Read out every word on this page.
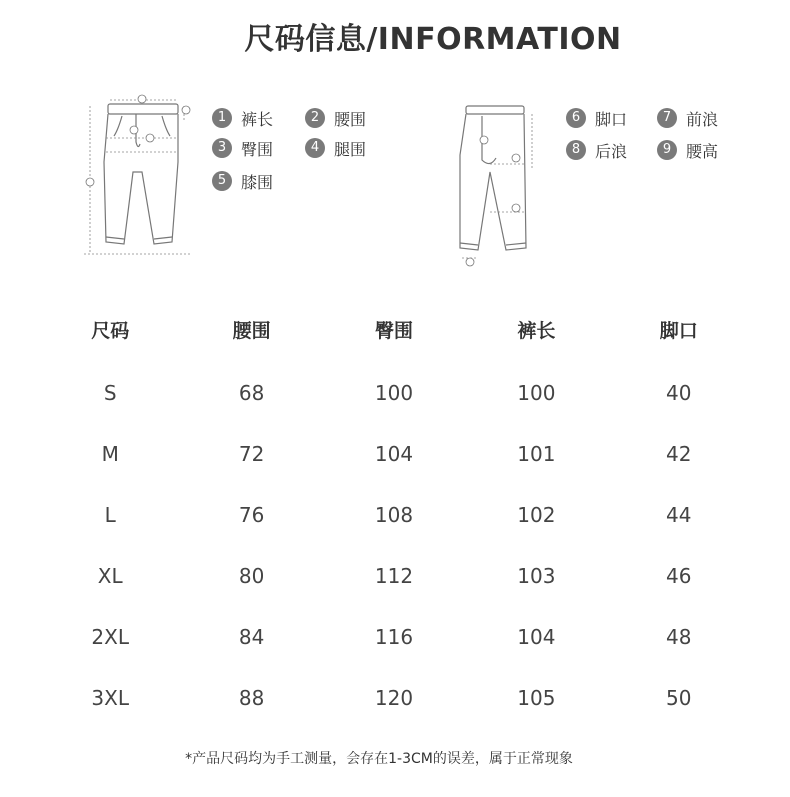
尺码信息/INFORMATION
1 裤长	2 腰围
3 臀围	4 腿围
5 膝围
6 脚口	7 前浪
8 后浪	9 腰高
尺码	腰围	臀围	裤长	脚口
S	68	100	100	40
M	72	104	101	42
L	76	108	102	44
XL	80	112	103	46
2XL	84	116	104	48
3XL	88	120	105	50
*产品尺码均为手工测量，会存在1-3CM的误差，属于正常现象
